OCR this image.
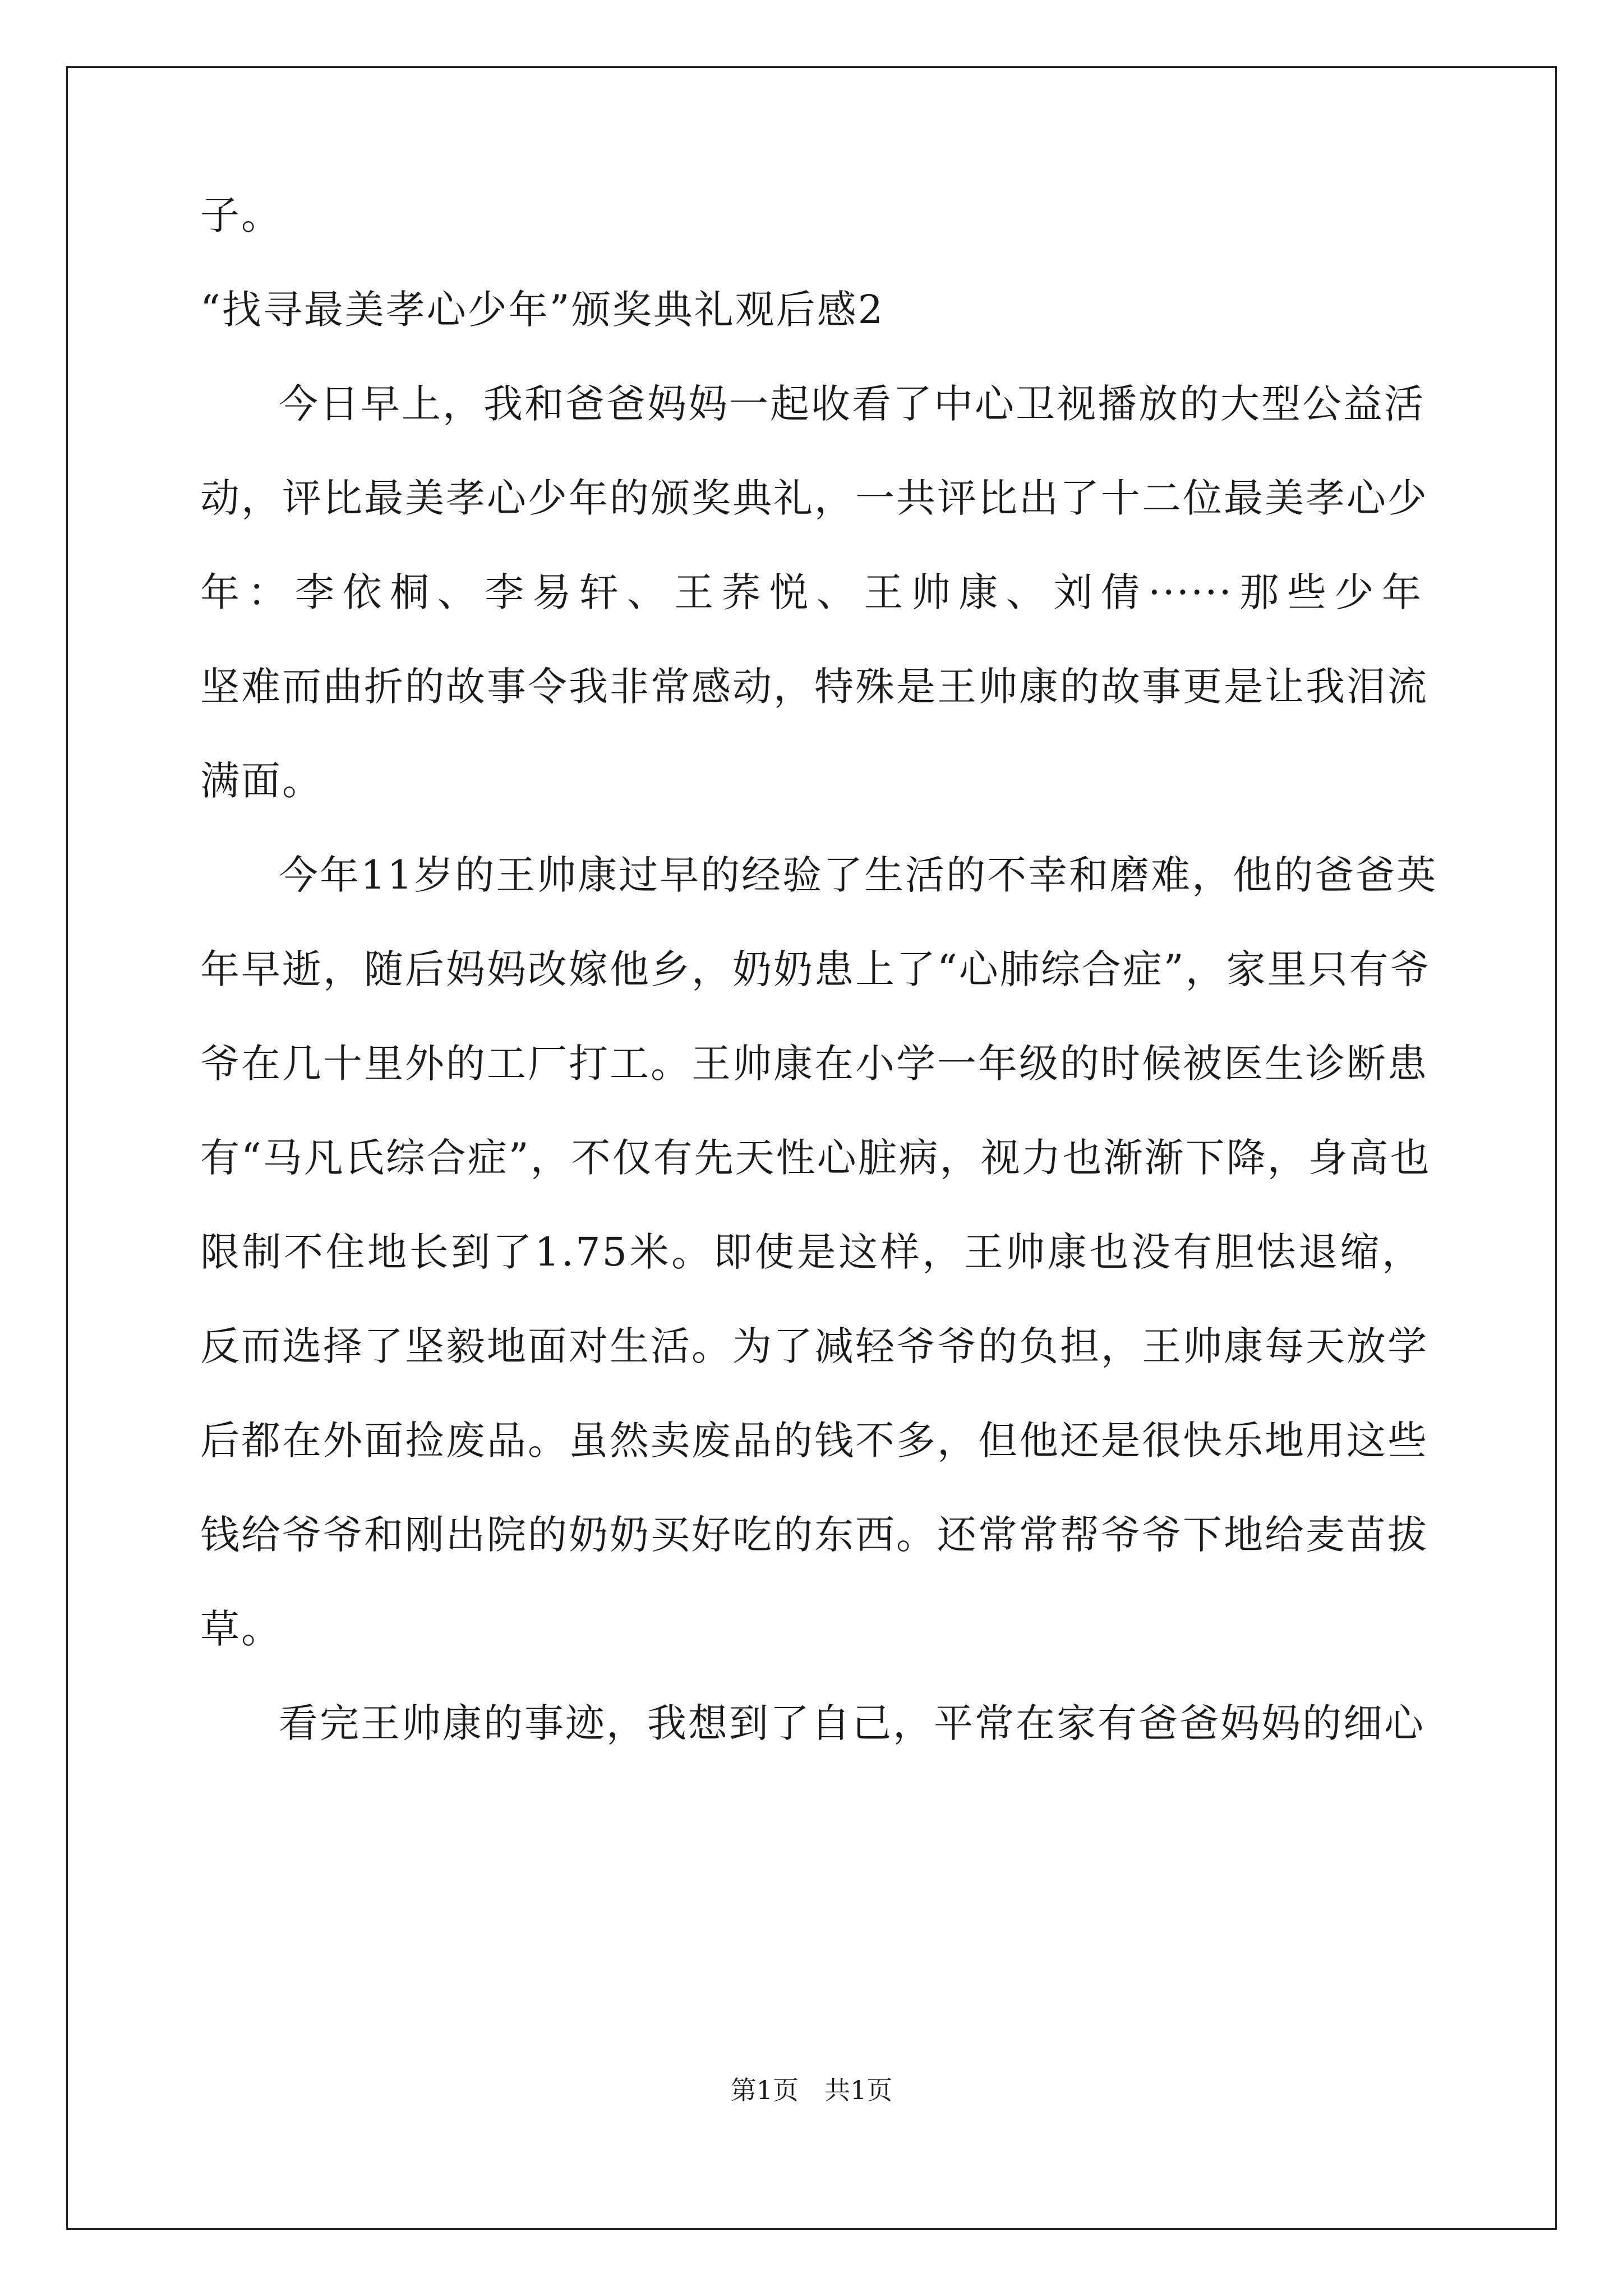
子。
“找寻最美孝心少年”颁奖典礼观后感2
今日早上，我和爸爸妈妈一起收看了中心卫视播放的大型公益活
动，评比最美孝心少年的颁奖典礼，一共评比出了十二位最美孝心少
年：李依桐、李易轩、王荞悦、王帅康、刘倩······那些少年
坚难而曲折的故事令我非常感动，特殊是王帅康的故事更是让我泪流
满面。
今年11岁的王帅康过早的经验了生活的不幸和磨难，他的爸爸英
年早逝，随后妈妈改嫁他乡，奶奶患上了“心肺综合症”，家里只有爷
爷在几十里外的工厂打工。王帅康在小学一年级的时候被医生诊断患
有“马凡氏综合症”，不仅有先天性心脏病，视力也渐渐下降，身高也
限制不住地长到了1.75米。即使是这样，王帅康也没有胆怯退缩，
反而选择了坚毅地面对生活。为了减轻爷爷的负担，王帅康每天放学
后都在外面捡废品。虽然卖废品的钱不多，但他还是很快乐地用这些
钱给爷爷和刚出院的奶奶买好吃的东西。还常常帮爷爷下地给麦苗拔
草。
看完王帅康的事迹，我想到了自己，平常在家有爸爸妈妈的细心
第1页　共1页
